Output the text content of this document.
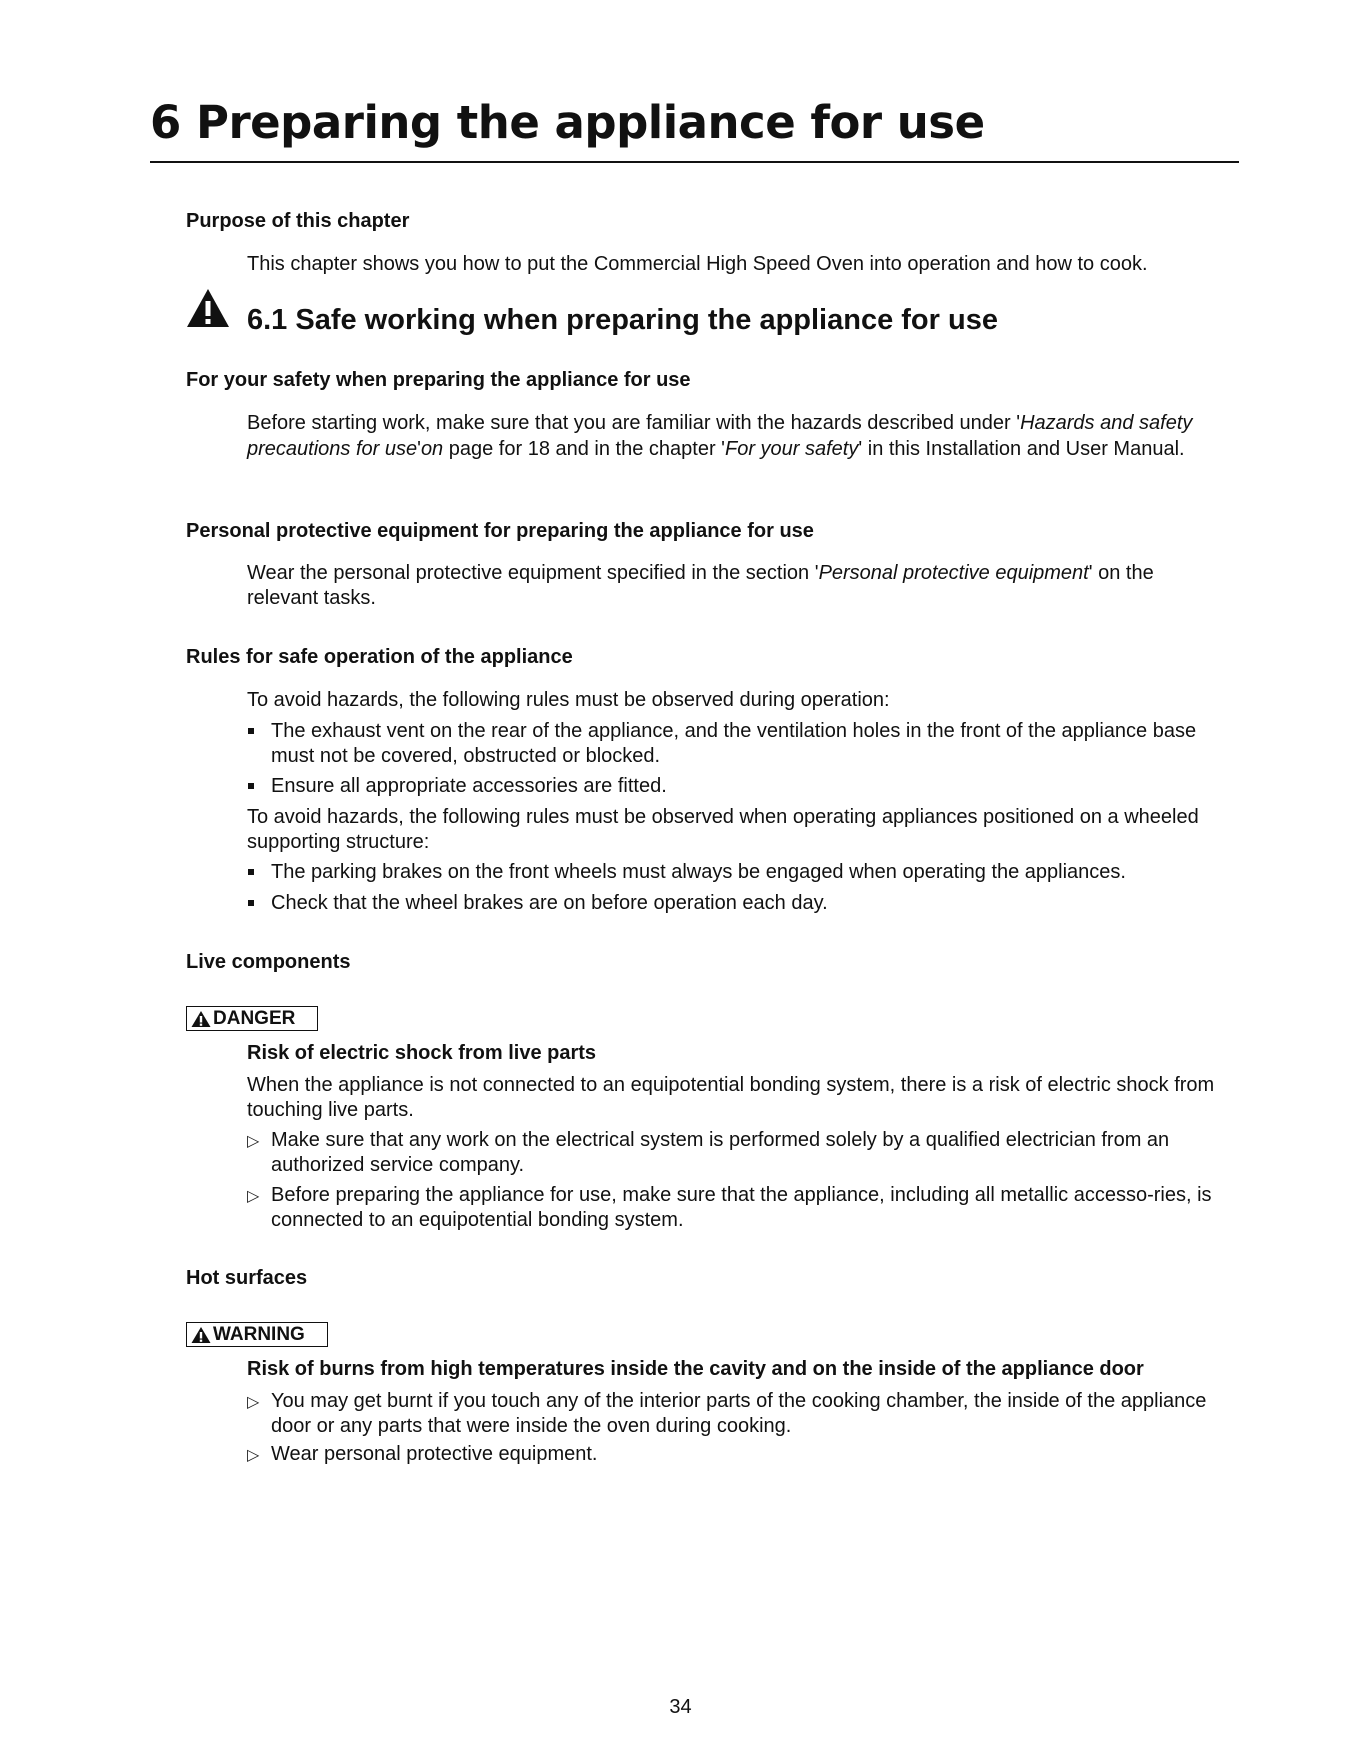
6 Preparing the appliance for use
Purpose of this chapter

This chapter shows you how to put the Commercial High Speed Oven into operation and how to cook.

6.1 Safe working when preparing the appliance for use
For your safety when preparing the appliance for use

Before starting work, make sure that you are familiar with the hazards described under 'Hazards and safety precautions for use'on page for 18 and in the chapter 'For your safety' in this Installation and User Manual.

Personal protective equipment for preparing the appliance for use

Wear the personal protective equipment specified in the section 'Personal protective equipment' on the relevant tasks.

Rules for safe operation of the appliance

To avoid hazards, the following rules must be observed during operation:

The exhaust vent on the rear of the appliance, and the ventilation holes in the front of the appliance base must not be covered, obstructed or blocked.
Ensure all appropriate accessories are fitted.

To avoid hazards, the following rules must be observed when operating appliances positioned on a wheeled supporting structure:

The parking brakes on the front wheels must always be engaged when operating the appliances.
Check that the wheel brakes are on before operation each day.
Live components
DANGER
Risk of electric shock from live parts

When the appliance is not connected to an equipotential bonding system, there is a risk of electric shock from touching live parts.

▷ Make sure that any work on the electrical system is performed solely by a qualified electrician from an authorized service company.
▷ Before preparing the appliance for use, make sure that the appliance, including all metallic accesso-ries, is connected to an equipotential bonding system.
Hot surfaces
WARNING
Risk of burns from high temperatures inside the cavity and on the inside of the appliance door
▷ You may get burnt if you touch any of the interior parts of the cooking chamber, the inside of the appliance door or any parts that were inside the oven during cooking.
▷ Wear personal protective equipment.
34
